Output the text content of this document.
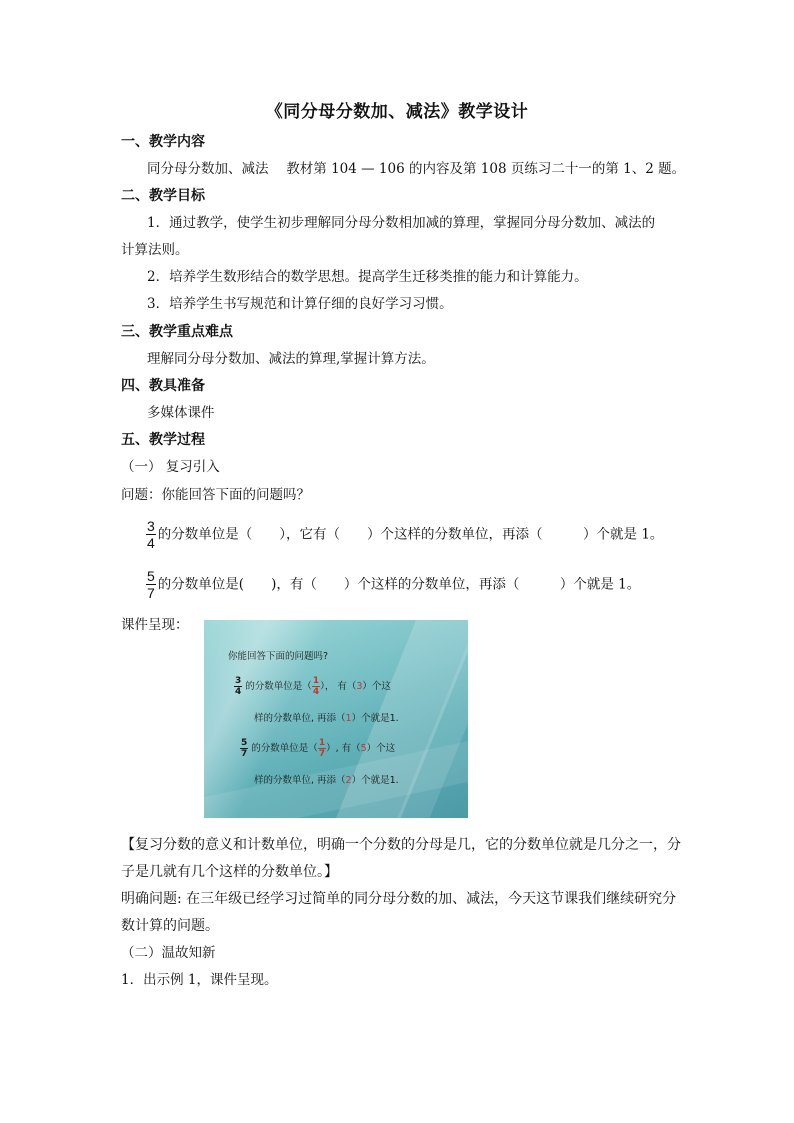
《同分母分数加、减法》教学设计
一、教学内容
同分母分数加、减法　 教材第 104 — 106 的内容及第 108 页练习二十一的第 1、2 题。
二、教学目标
1．通过教学，使学生初步理解同分母分数相加减的算理，掌握同分母分数加、减法的
计算法则。
2．培养学生数形结合的数学思想。提高学生迁移类推的能力和计算能力。
3．培养学生书写规范和计算仔细的良好学习习惯。
三、教学重点难点
理解同分母分数加、减法的算理,掌握计算方法。
四、教具准备
多媒体课件
五、教学过程
（一） 复习引入
问题：你能回答下面的问题吗？
$\frac{3}{4}$ 的分数单位是（　　），它有（　　）个这样的分数单位，再添（　　　）个就是 1。
$\frac{5}{7}$ 的分数单位是(　　)，有（　　）个这样的分数单位，再添（　　　）个就是 1。
课件呈现：
你能回答下面的问题吗?
$\frac{3}{4}$ 的分数单位是（ $\frac{1}{4}$ ）， 有（3）个这
样的分数单位, 再添（1）个就是1.
$\frac{5}{7}$ 的分数单位是（ $\frac{1}{7}$ ）, 有（5）个这
样的分数单位, 再添（2）个就是1.
【复习分数的意义和计数单位，明确一个分数的分母是几，它的分数单位就是几分之一，分
子是几就有几个这样的分数单位。】
明确问题: 在三年级已经学习过简单的同分母分数的加、减法，今天这节课我们继续研究分
数计算的问题。
（二）温故知新
1．出示例 1，课件呈现。
